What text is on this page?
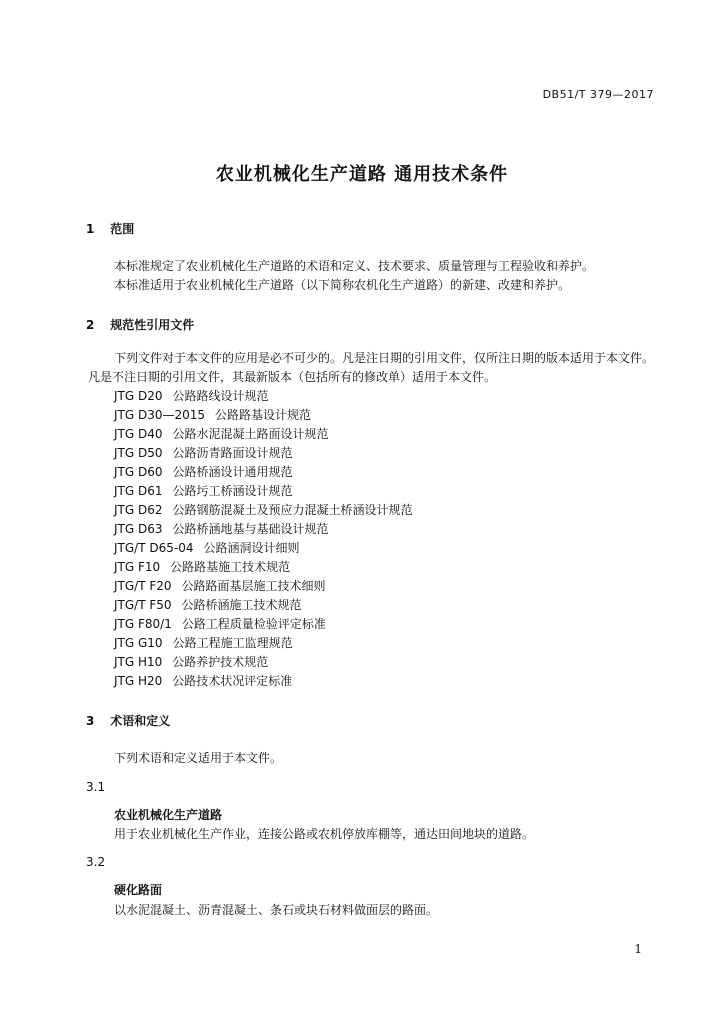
DB51/T 379—2017
农业机械化生产道路 通用技术条件
1 范围
本标准规定了农业机械化生产道路的术语和定义、技术要求、质量管理与工程验收和养护。
本标准适用于农业机械化生产道路（以下简称农机化生产道路）的新建、改建和养护。
2 规范性引用文件
下列文件对于本文件的应用是必不可少的。凡是注日期的引用文件，仅所注日期的版本适用于本文件。凡是不注日期的引用文件，其最新版本（包括所有的修改单）适用于本文件。
JTG D20 公路路线设计规范
JTG D30—2015 公路路基设计规范
JTG D40 公路水泥混凝土路面设计规范
JTG D50 公路沥青路面设计规范
JTG D60 公路桥涵设计通用规范
JTG D61 公路圬工桥涵设计规范
JTG D62 公路钢筋混凝土及预应力混凝土桥涵设计规范
JTG D63 公路桥涵地基与基础设计规范
JTG/T D65-04 公路涵洞设计细则
JTG F10 公路路基施工技术规范
JTG/T F20 公路路面基层施工技术细则
JTG/T F50 公路桥涵施工技术规范
JTG F80/1 公路工程质量检验评定标准
JTG G10 公路工程施工监理规范
JTG H10 公路养护技术规范
JTG H20 公路技术状况评定标准
3 术语和定义
下列术语和定义适用于本文件。
3.1
农业机械化生产道路
用于农业机械化生产作业，连接公路或农机停放库棚等，通达田间地块的道路。
3.2
硬化路面
以水泥混凝土、沥青混凝土、条石或块石材料做面层的路面。
1
